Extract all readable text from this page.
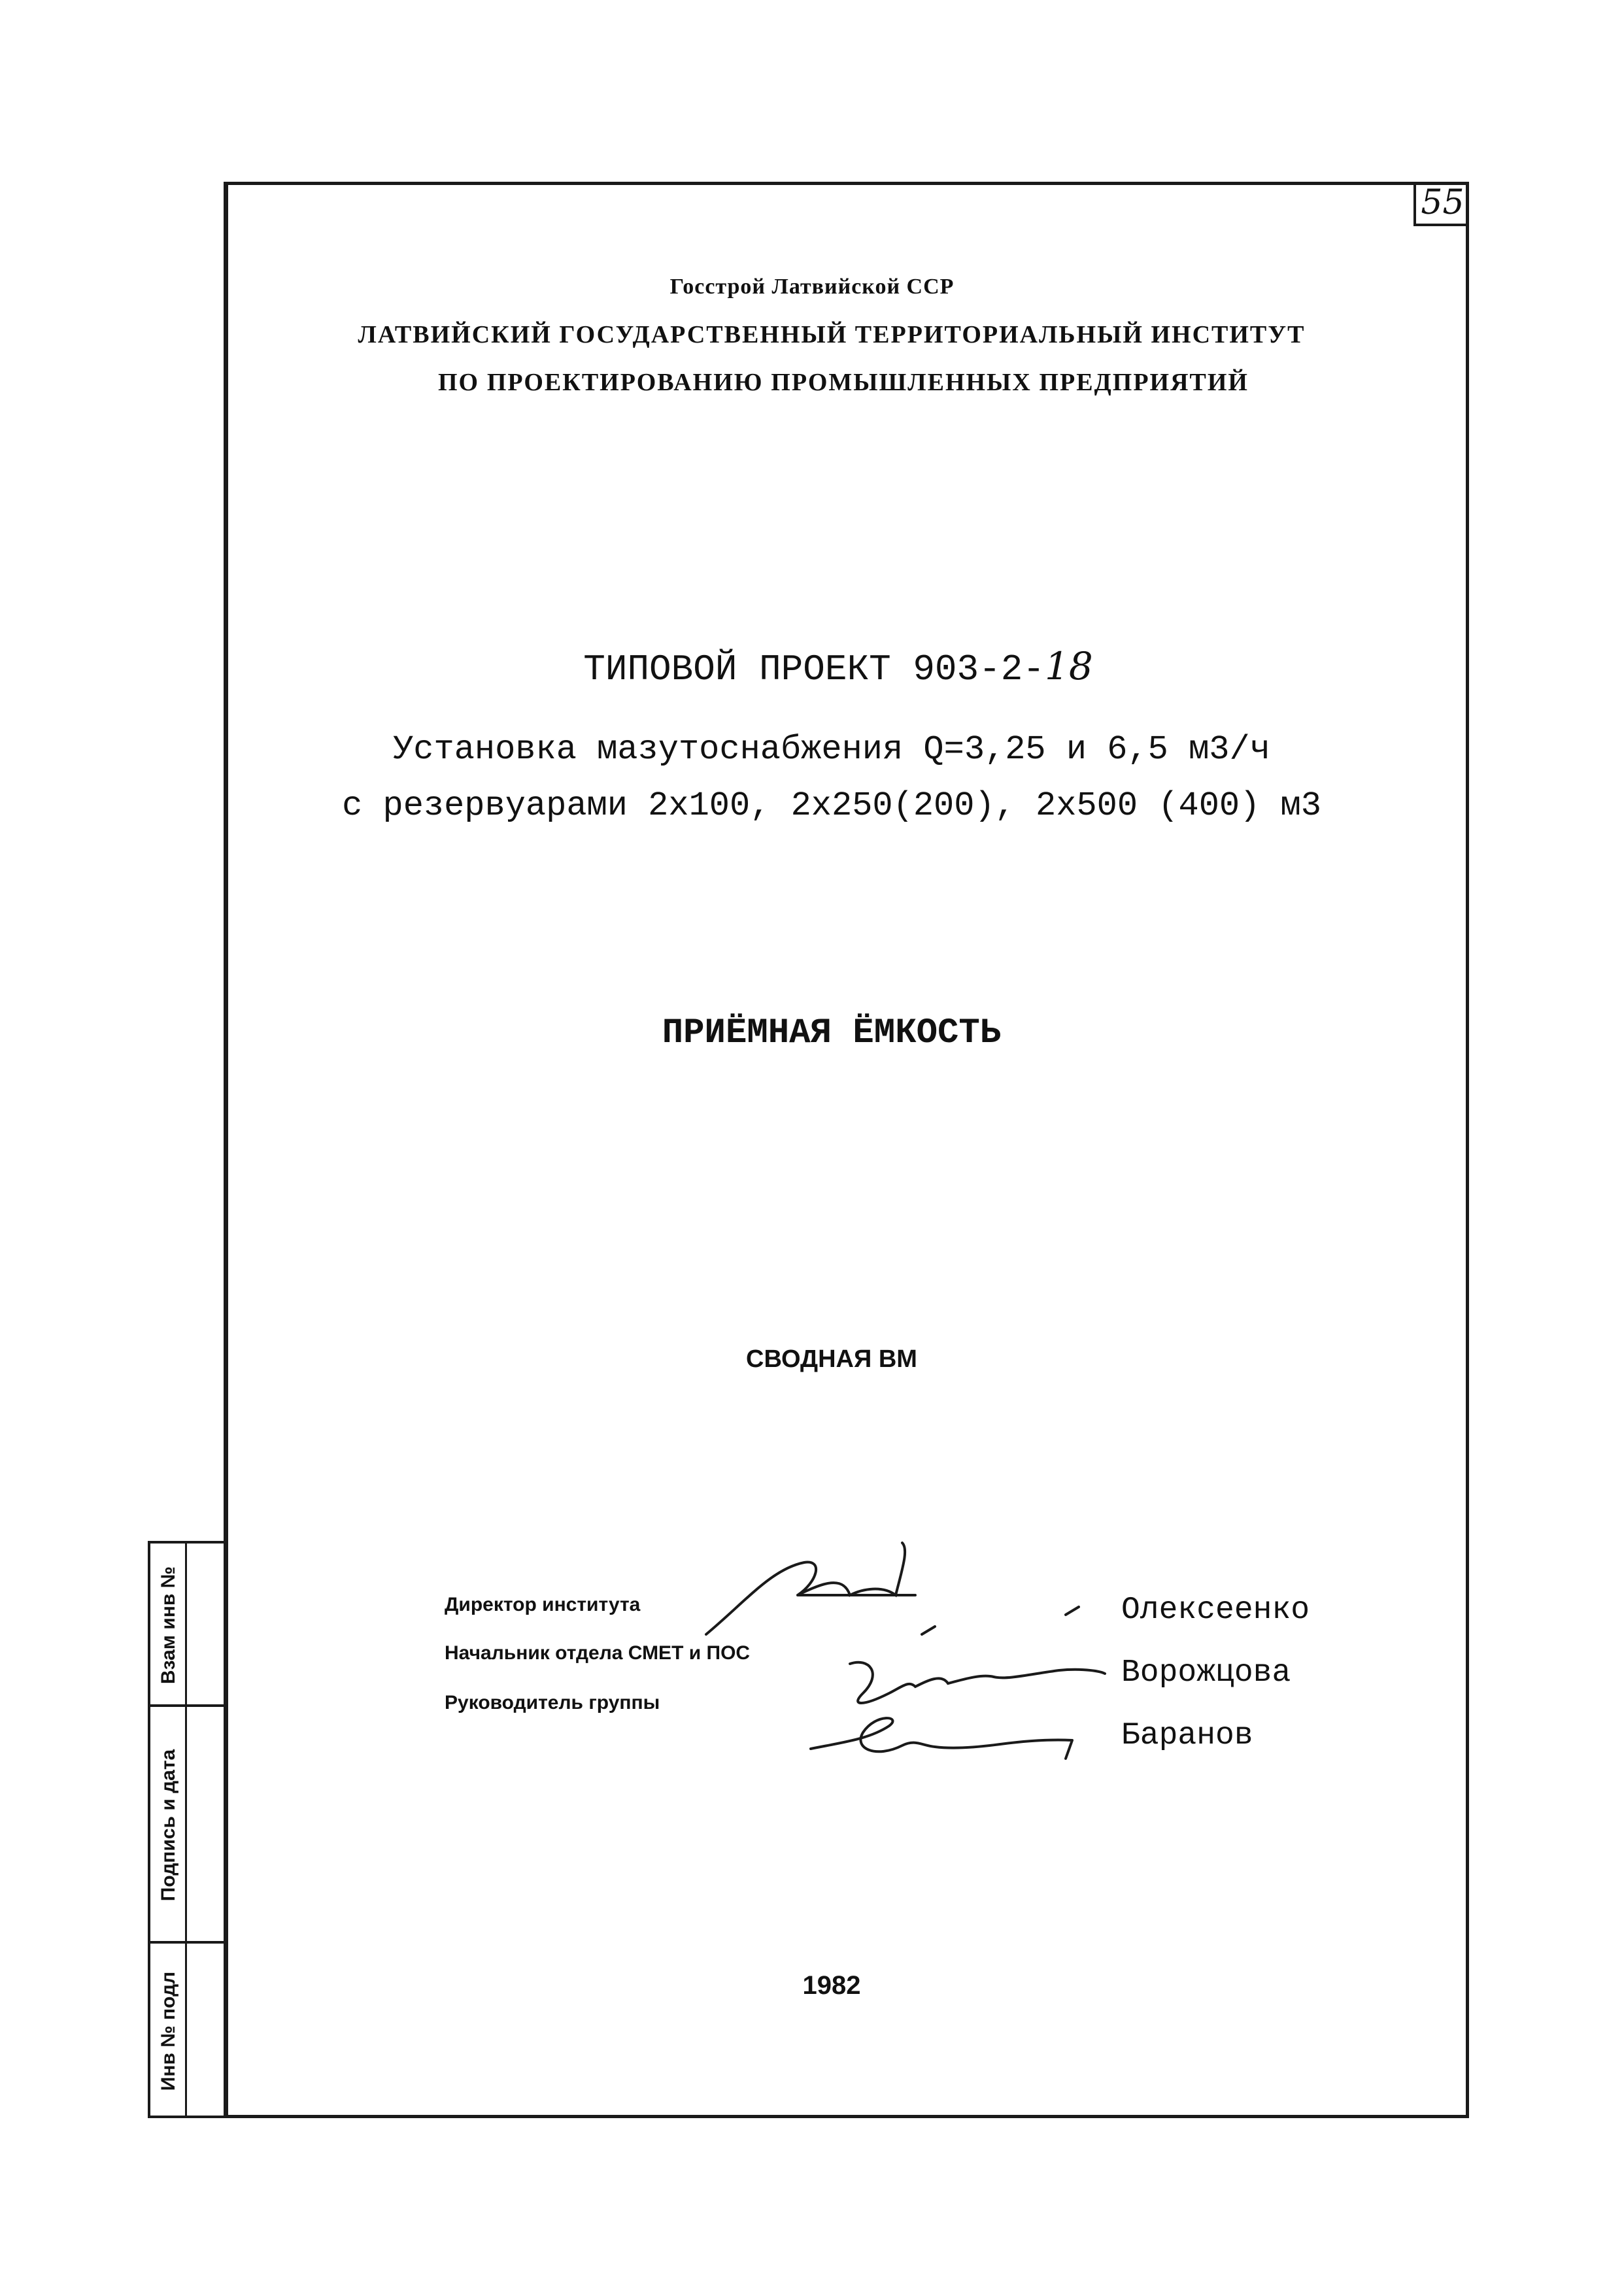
55
Взам инв №
Подпись и дата
Инв № подл
Госстрой Латвийской ССР
ЛАТВИЙСКИЙ ГОСУДАРСТВЕННЫЙ ТЕРРИТОРИАЛЬНЫЙ ИНСТИТУТ
ПО ПРОЕКТИРОВАНИЮ ПРОМЫШЛЕННЫХ ПРЕДПРИЯТИЙ
ТИПОВОЙ ПРОЕКТ 903-2-18
Установка мазутоснабжения Q=3,25 и 6,5 м3/ч
с резервуарами 2х100, 2х250(200), 2х500 (400) м3
ПРИЁМНАЯ ЁМКОСТЬ
СВОДНАЯ ВМ
Директор института
Начальник отдела СМЕТ и ПОС
Руководитель группы
Олексеенко
Ворожцова
Баранов
1982
